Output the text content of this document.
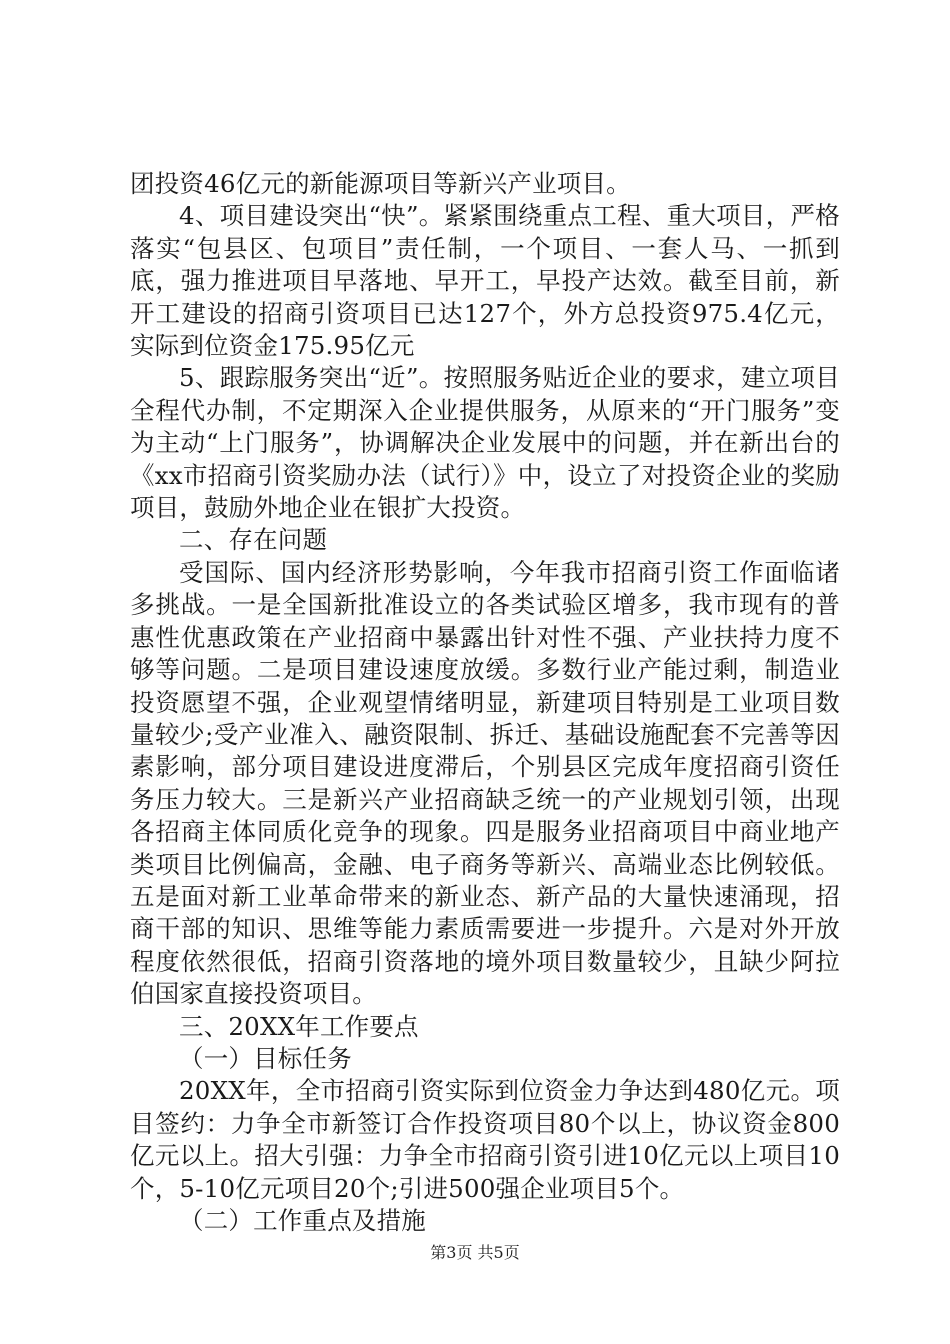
团投资46亿元的新能源项目等新兴产业项目。

4、项目建设突出“快”。紧紧围绕重点工程、重大项目，严格落实“包县区、包项目”责任制，一个项目、一套人马、一抓到底，强力推进项目早落地、早开工，早投产达效。截至目前，新开工建设的招商引资项目已达127个，外方总投资975.4亿元，实际到位资金175.95亿元

5、跟踪服务突出“近”。按照服务贴近企业的要求，建立项目全程代办制，不定期深入企业提供服务，从原来的“开门服务”变为主动“上门服务”，协调解决企业发展中的问题，并在新出台的《xx市招商引资奖励办法（试行）》中，设立了对投资企业的奖励项目，鼓励外地企业在银扩大投资。

二、存在问题

受国际、国内经济形势影响，今年我市招商引资工作面临诸多挑战。一是全国新批准设立的各类试验区增多，我市现有的普惠性优惠政策在产业招商中暴露出针对性不强、产业扶持力度不够等问题。二是项目建设速度放缓。多数行业产能过剩，制造业投资愿望不强，企业观望情绪明显，新建项目特别是工业项目数量较少;受产业准入、融资限制、拆迁、基础设施配套不完善等因素影响，部分项目建设进度滞后，个别县区完成年度招商引资任务压力较大。三是新兴产业招商缺乏统一的产业规划引领，出现各招商主体同质化竞争的现象。四是服务业招商项目中商业地产类项目比例偏高，金融、电子商务等新兴、高端业态比例较低。五是面对新工业革命带来的新业态、新产品的大量快速涌现，招商干部的知识、思维等能力素质需要进一步提升。六是对外开放程度依然很低，招商引资落地的境外项目数量较少，且缺少阿拉伯国家直接投资项目。

三、20XX年工作要点

（一）目标任务

20XX年，全市招商引资实际到位资金力争达到480亿元。项目签约：力争全市新签订合作投资项目80个以上，协议资金800亿元以上。招大引强：力争全市招商引资引进10亿元以上项目10个，5-10亿元项目20个;引进500强企业项目5个。

（二）工作重点及措施

第3页 共5页
